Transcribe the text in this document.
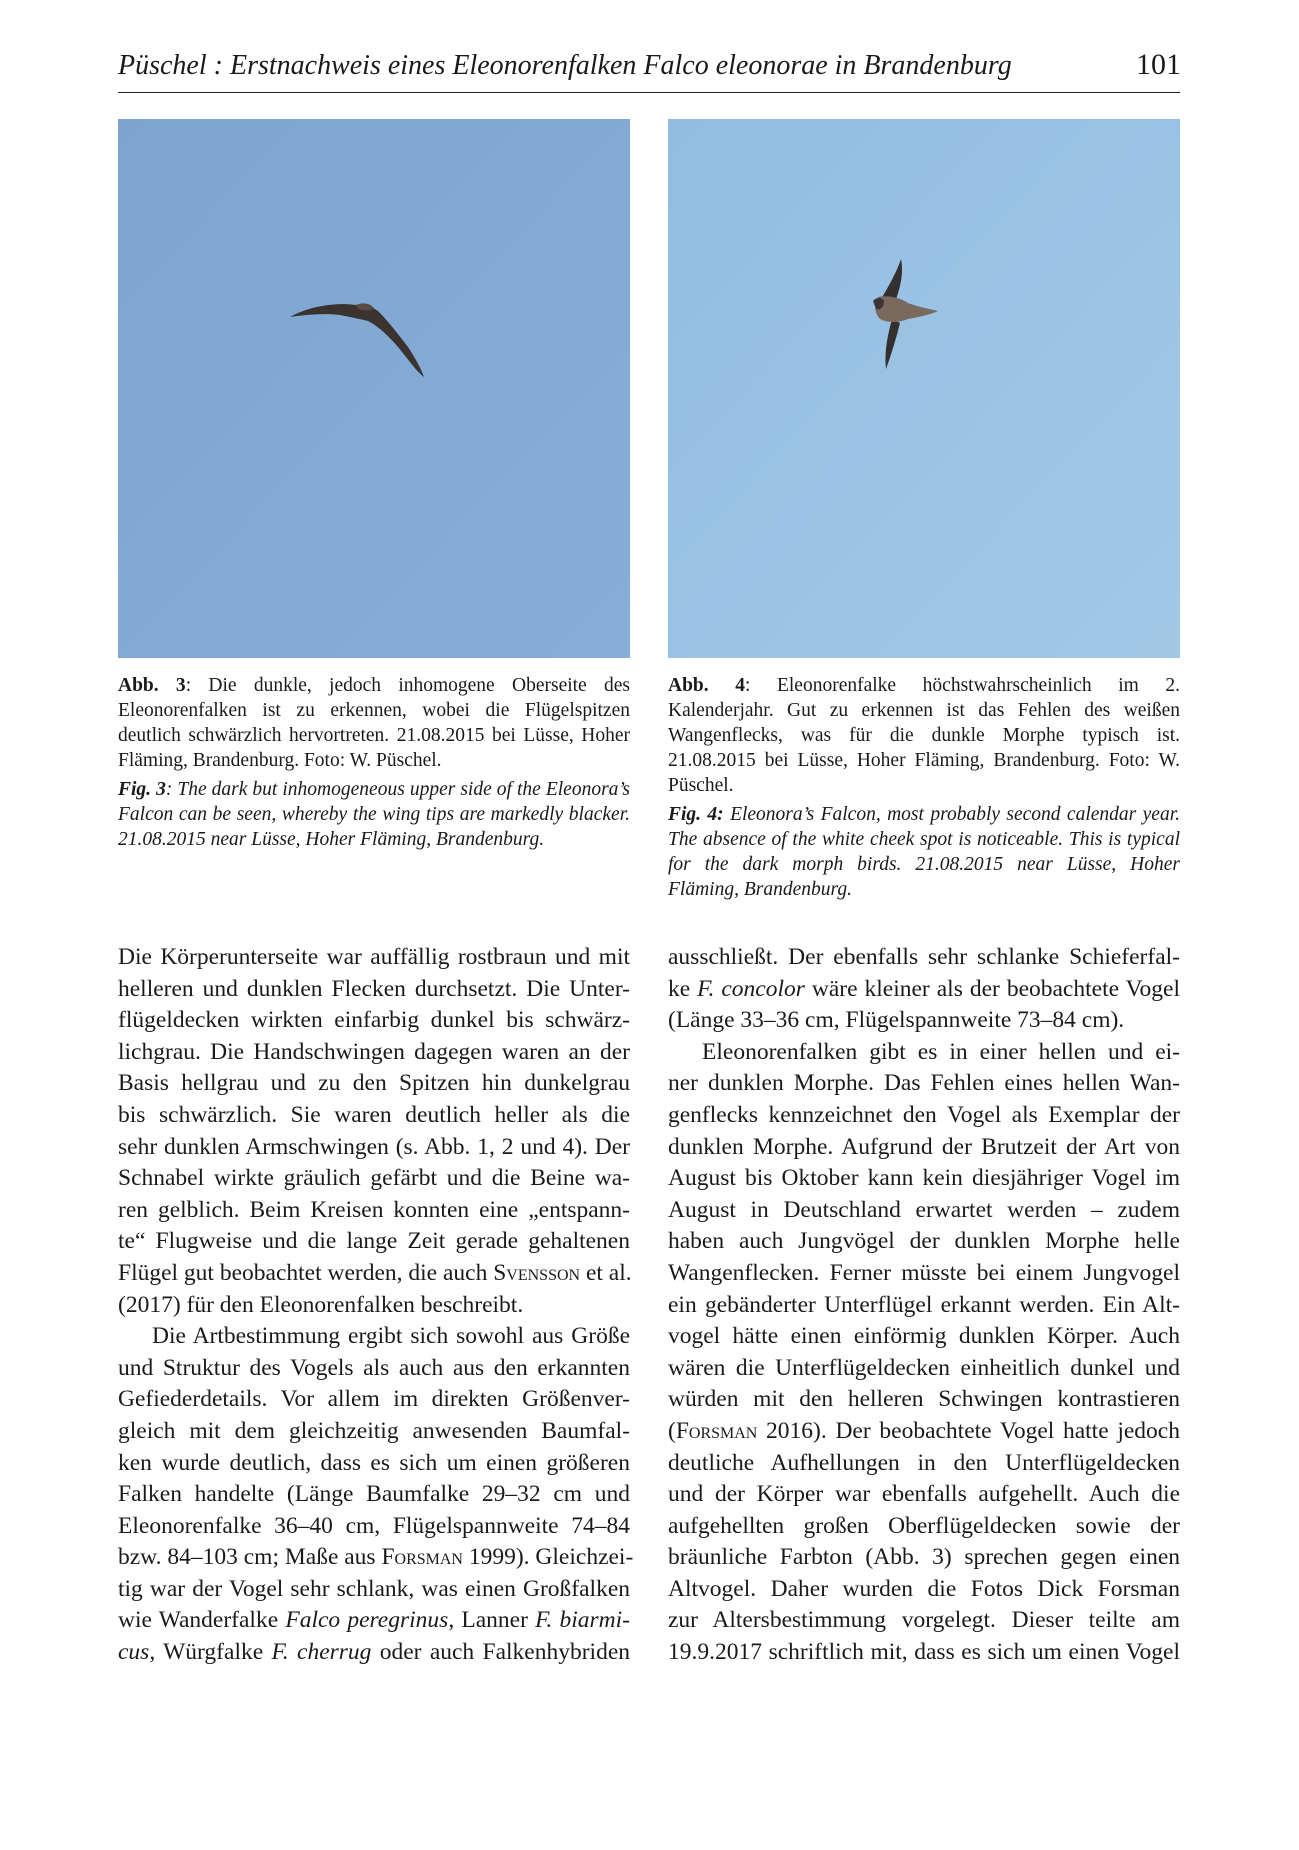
Püschel : Erstnachweis eines Eleonorenfalken Falco eleonorae in Brandenburg	101

Abb. 3: Die dunkle, jedoch inhomogene Oberseite des Eleonorenfalken ist zu erkennen, wobei die Flügelspitzen deutlich schwärzlich hervortreten. 21.08.2015 bei Lüsse, Hoher Fläming, Brandenburg. Foto: W. Püschel.

Fig. 3: The dark but inhomogeneous upper side of the Eleonora’s Falcon can be seen, whereby the wing tips are markedly blacker. 21.08.2015 near Lüsse, Hoher Fläming, Brandenburg.

Abb. 4: Eleonorenfalke höchstwahrscheinlich im 2. Kalenderjahr. Gut zu erkennen ist das Fehlen des weißen Wangenflecks, was für die dunkle Morphe typisch ist. 21.08.2015 bei Lüsse, Hoher Fläming, Brandenburg. Foto: W. Püschel.

Fig. 4: Eleonora’s Falcon, most probably second calendar year. The absence of the white cheek spot is noticeable. This is typical for the dark morph birds. 21.08.2015 near Lüsse, Hoher Fläming, Brandenburg.

Die Körperunterseite war auffällig rostbraun und mit
helleren und dunklen Flecken durchsetzt. Die Unter-
flügeldecken wirkten einfarbig dunkel bis schwärz-
lichgrau. Die Handschwingen dagegen waren an der
Basis hellgrau und zu den Spitzen hin dunkelgrau
bis schwärzlich. Sie waren deutlich heller als die
sehr dunklen Armschwingen (s. Abb. 1, 2 und 4). Der
Schnabel wirkte gräulich gefärbt und die Beine wa-
ren gelblich. Beim Kreisen konnten eine „entspann-
te“ Flugweise und die lange Zeit gerade gehaltenen
Flügel gut beobachtet werden, die auch Svensson et al.
(2017) für den Eleonorenfalken beschreibt.

Die Artbestimmung ergibt sich sowohl aus Größe
und Struktur des Vogels als auch aus den erkannten
Gefiederdetails. Vor allem im direkten Größenver-
gleich mit dem gleichzeitig anwesenden Baumfal-
ken wurde deutlich, dass es sich um einen größeren
Falken handelte (Länge Baumfalke 29–32 cm und
Eleonorenfalke 36–40 cm, Flügelspannweite 74–84
bzw. 84–103 cm; Maße aus Forsman 1999). Gleichzei-
tig war der Vogel sehr schlank, was einen Großfalken
wie Wanderfalke Falco peregrinus, Lanner F. biarmi-
cus, Würgfalke F. cherrug oder auch Falkenhybriden

ausschließt. Der ebenfalls sehr schlanke Schieferfal-
ke F. concolor wäre kleiner als der beobachtete Vogel
(Länge 33–36 cm, Flügelspannweite 73–84 cm).

Eleonorenfalken gibt es in einer hellen und ei-
ner dunklen Morphe. Das Fehlen eines hellen Wan-
genflecks kennzeichnet den Vogel als Exemplar der
dunklen Morphe. Aufgrund der Brutzeit der Art von
August bis Oktober kann kein diesjähriger Vogel im
August in Deutschland erwartet werden – zudem
haben auch Jungvögel der dunklen Morphe helle
Wangenflecken. Ferner müsste bei einem Jungvogel
ein gebänderter Unterflügel erkannt werden. Ein Alt-
vogel hätte einen einförmig dunklen Körper. Auch
wären die Unterflügeldecken einheitlich dunkel und
würden mit den helleren Schwingen kontrastieren
(Forsman 2016). Der beobachtete Vogel hatte jedoch
deutliche Aufhellungen in den Unterflügeldecken
und der Körper war ebenfalls aufgehellt. Auch die
aufgehellten großen Oberflügeldecken sowie der
bräunliche Farbton (Abb. 3) sprechen gegen einen
Altvogel. Daher wurden die Fotos Dick Forsman
zur Altersbestimmung vorgelegt. Dieser teilte am
19.9.2017 schriftlich mit, dass es sich um einen Vogel
